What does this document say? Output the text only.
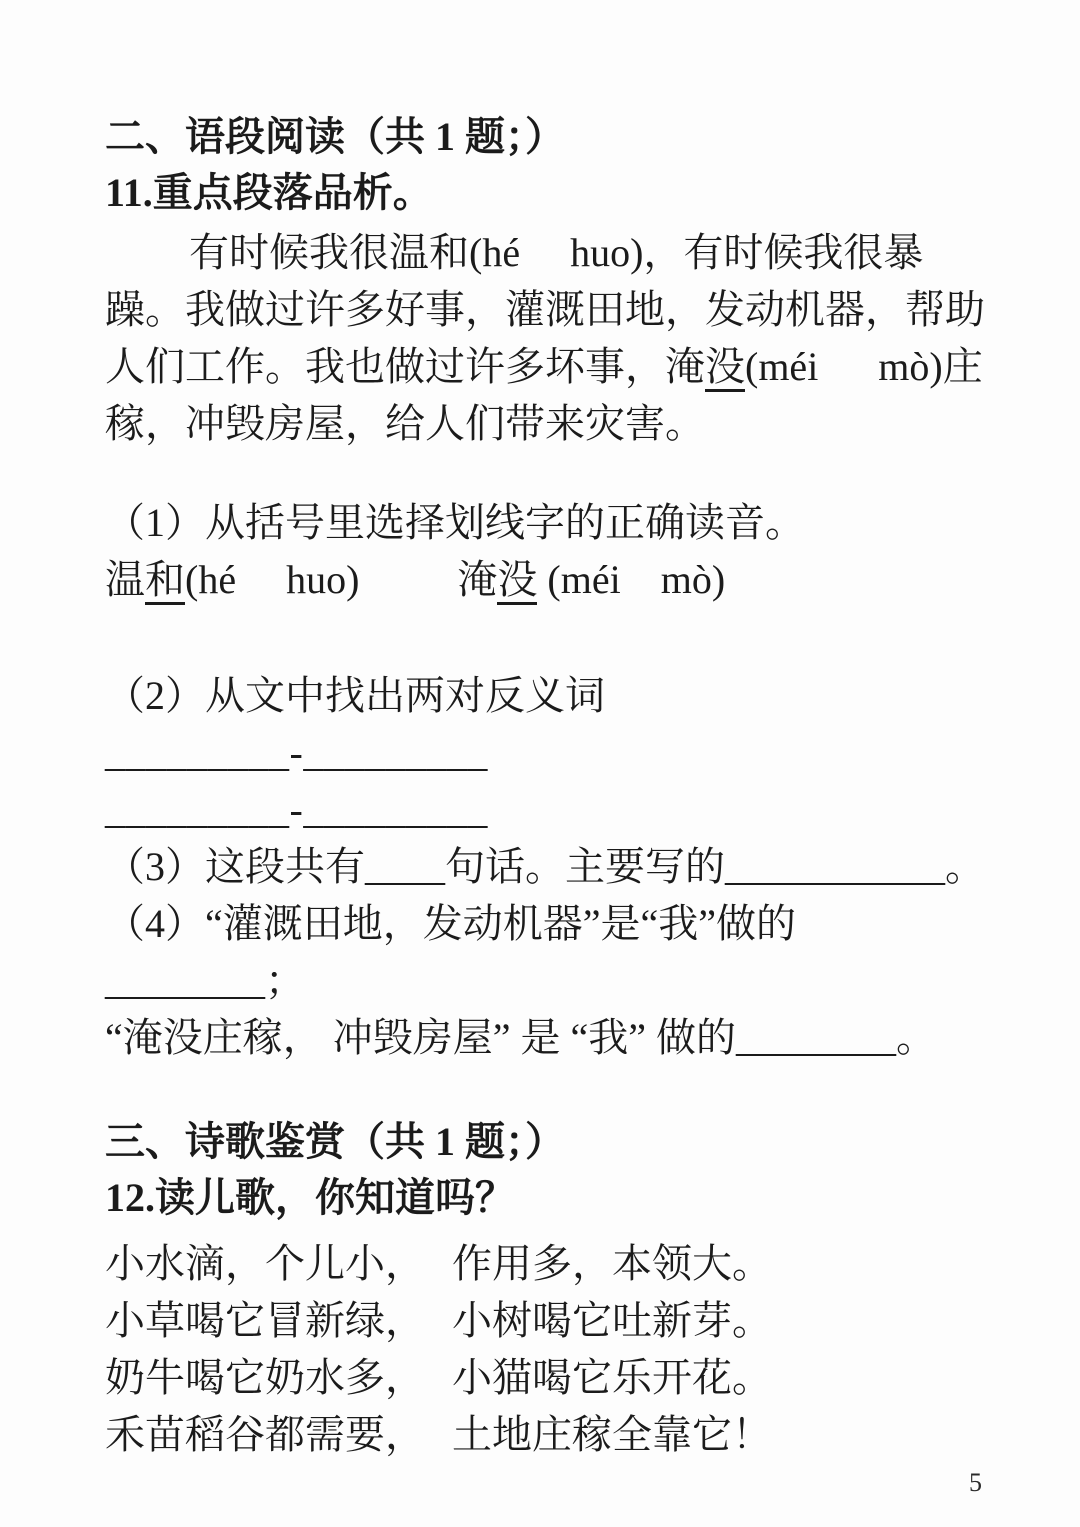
二、语段阅读（共 1 题；）
11.重点段落品析。
有时候我很温和(hé     huo)，有时候我很暴
躁。我做过许多好事，灌溉田地，发动机器，帮助
人们工作。我也做过许多坏事，淹没(méi      mò)庄
稼，冲毁房屋，给人们带来灾害。
（1）从括号里选择划线字的正确读音。
温和(hé     huo) 淹没 (méi    mò)
（2）从文中找出两对反义词
_________-_________
_________-_________
（3）这段共有____句话。主要写的___________。
（4）“灌溉田地，发动机器”是“我”做的________；
“淹没庄稼， 冲毁房屋” 是 “我” 做的________。
三、诗歌鉴赏（共 1 题；）
12.读儿歌，你知道吗？
小水滴，个儿小， 作用多，本领大。
小草喝它冒新绿， 小树喝它吐新芽。
奶牛喝它奶水多， 小猫喝它乐开花。
禾苗稻谷都需要， 土地庄稼全靠它！
5
